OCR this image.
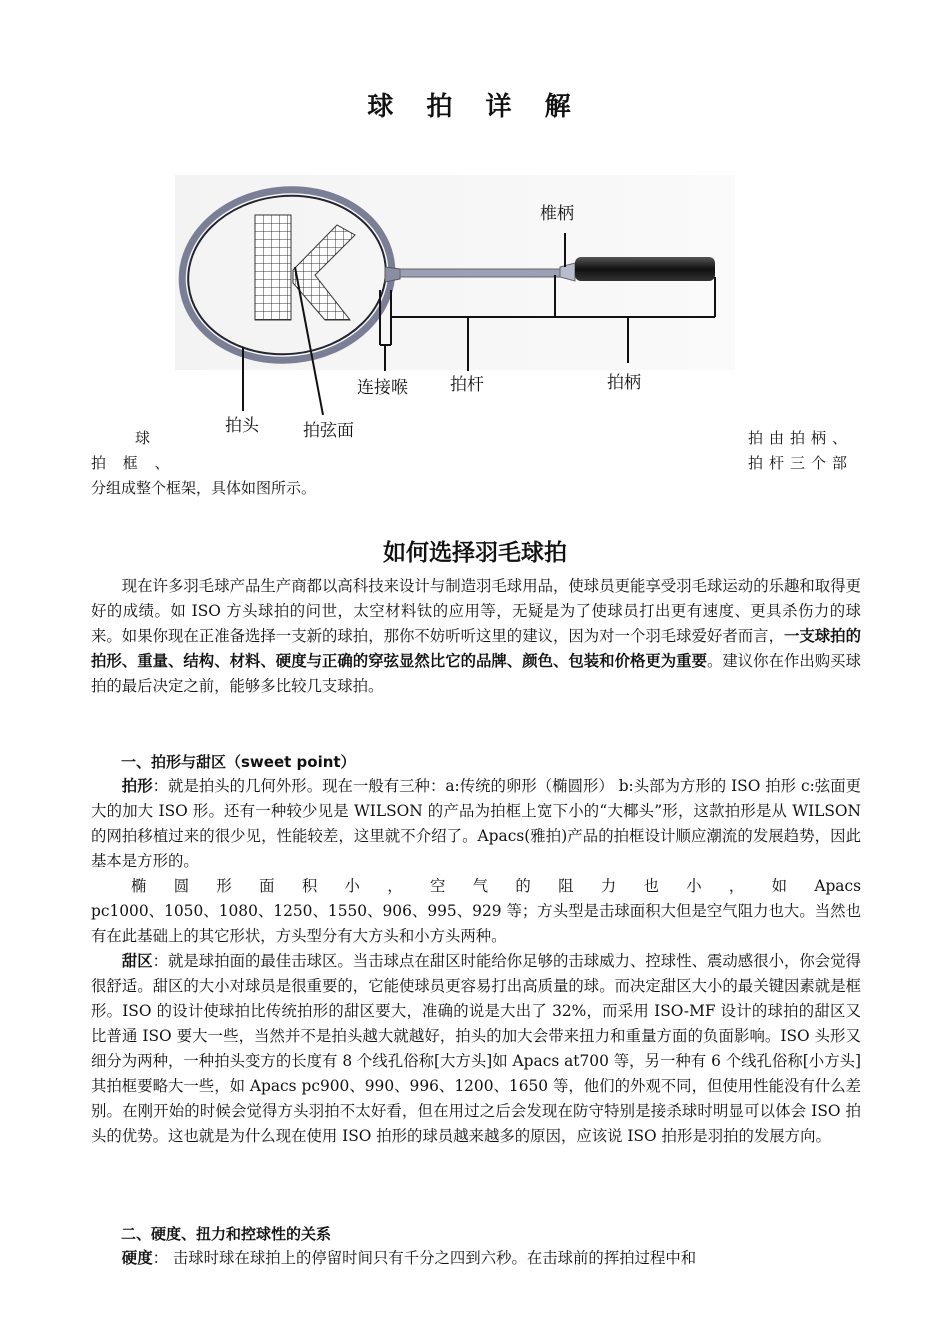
球 拍 详 解
椎柄
连接喉 拍杆	拍柄
拍头	拍弦面
球
拍 框 、
拍由拍柄、
拍杆三个部
分组成整个框架，具体如图所示。
如何选择羽毛球拍

现在许多羽毛球产品生产商都以高科技来设计与制造羽毛球用品，使球员更能享受羽毛球运动的乐趣和取得更好的成绩。如 ISO 方头球拍的问世，太空材料钛的应用等，无疑是为了使球员打出更有速度、更具杀伤力的球来。如果你现在正准备选择一支新的球拍，那你不妨听听这里的建议，因为对一个羽毛球爱好者而言，一支球拍的拍形、重量、结构、材料、硬度与正确的穿弦显然比它的品牌、颜色、包装和价格更为重要。建议你在作出购买球拍的最后决定之前，能够多比较几支球拍。

一、拍形与甜区（sweet point）

拍形：就是拍头的几何外形。现在一般有三种：a:传统的卵形（椭圆形） b:头部为方形的 ISO 拍形 c:弦面更大的加大 ISO 形。还有一种较少见是 WILSON 的产品为拍框上宽下小的“大椰头”形，这款拍形是从 WILSON 的网拍移植过来的很少见，性能较差，这里就不介绍了。Apacs(雅拍)产品的拍框设计顺应潮流的发展趋势，因此基本是方形的。

椭 圆 形 面 积 小 ， 空 气 的 阻 力 也 小 ， 如 Apacs

pc1000、1050、1080、1250、1550、906、995、929 等；方头型是击球面积大但是空气阻力也大。当然也有在此基础上的其它形状，方头型分有大方头和小方头两种。

甜区：就是球拍面的最佳击球区。当击球点在甜区时能给你足够的击球威力、控球性、震动感很小，你会觉得很舒适。甜区的大小对球员是很重要的，它能使球员更容易打出高质量的球。而决定甜区大小的最关键因素就是框形。ISO 的设计使球拍比传统拍形的甜区要大，准确的说是大出了 32%，而采用 ISO-MF 设计的球拍的甜区又比普通 ISO 要大一些，当然并不是拍头越大就越好，拍头的加大会带来扭力和重量方面的负面影响。ISO 头形又细分为两种，一种拍头变方的长度有 8 个线孔俗称[大方头]如 Apacs at700 等，另一种有 6 个线孔俗称[小方头]其拍框要略大一些，如 Apacs pc900、990、996、1200、1650 等，他们的外观不同，但使用性能没有什么差别。在刚开始的时候会觉得方头羽拍不太好看，但在用过之后会发现在防守特别是接杀球时明显可以体会 ISO 拍头的优势。这也就是为什么现在使用 ISO 拍形的球员越来越多的原因，应该说 ISO 拍形是羽拍的发展方向。

二、硬度、扭力和控球性的关系

硬度： 击球时球在球拍上的停留时间只有千分之四到六秒。在击球前的挥拍过程中和
